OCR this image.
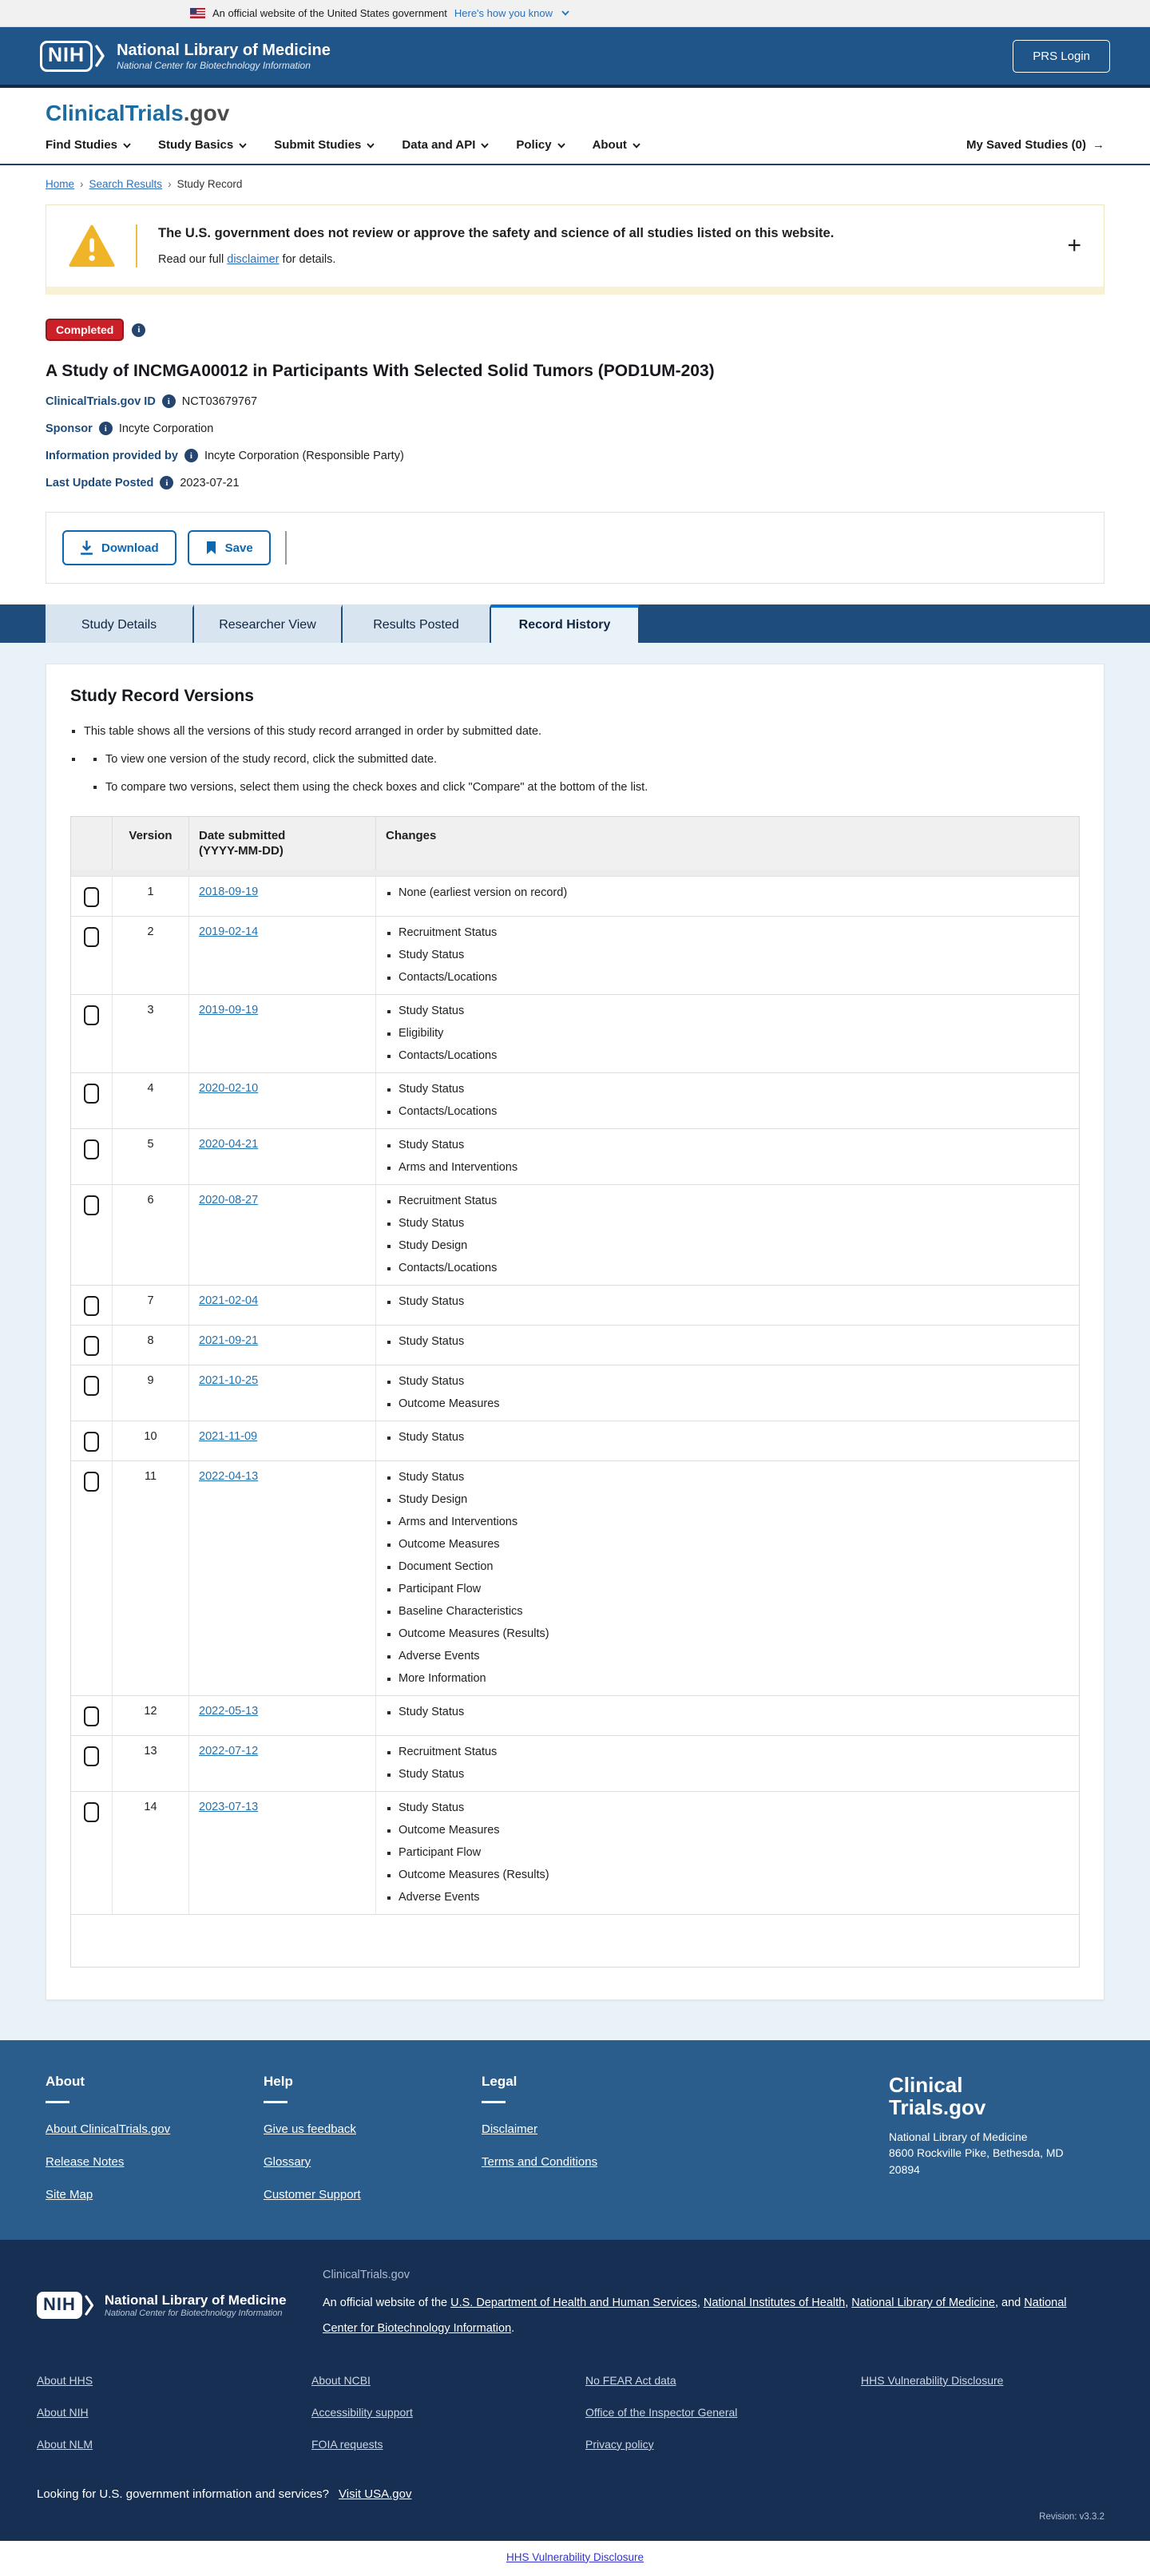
An official website of the United States government Here's how you know
NIH	National Library of Medicine
National Center for Biotechnology Information
PRS Login
ClinicalTrials.gov
My Saved Studies (0) →
Find Studies	Study Basics	Submit Studies	Data and API	Policy	About
Home › Search Results › Study Record
The U.S. government does not review or approve the safety and science of all studies listed on this website.
Read our full disclaimer for details.
+
Completed	i
A Study of INCMGA00012 in Participants With Selected Solid Tumors (POD1UM-203)
ClinicalTrials.gov ID	i	NCT03679767
Sponsor	i	Incyte Corporation
Information provided by	i	Incyte Corporation (Responsible Party)
Last Update Posted	i	2023-07-21
Download	Save
Study Details	Researcher View	Results Posted	Record History
Study Record Versions
This table shows all the versions of this study record arranged in order by submitted date.
To view one version of the study record, click the submitted date.
To compare two versions, select them using the check boxes and click "Compare" at the bottom of the list.
Version	Date submitted
(YYYY-MM-DD)
Changes
1	2018-09-19	None (earliest version on record)
2	2019-02-14	Recruitment Status
Study Status
Contacts/Locations
3	2019-09-19	Study Status
Eligibility
Contacts/Locations
4	2020-02-10	Study Status
Contacts/Locations
5	2020-04-21	Study Status
Arms and Interventions
6	2020-08-27	Recruitment Status
Study Status
Study Design
Contacts/Locations
7	2021-02-04	Study Status
8	2021-09-21	Study Status
9	2021-10-25	Study Status
Outcome Measures
10	2021-11-09	Study Status
11	2022-04-13	Study Status
Study Design
Arms and Interventions
Outcome Measures
Document Section
Participant Flow
Baseline Characteristics
Outcome Measures (Results)
Adverse Events
More Information
12	2022-05-13	Study Status
13	2022-07-12	Recruitment Status
Study Status
14	2023-07-13	Study Status
Outcome Measures
Participant Flow
Outcome Measures (Results)
Adverse Events
About
About ClinicalTrials.gov
Release Notes
Site Map
Help
Give us feedback
Glossary
Customer Support
Legal
Disclaimer
Terms and Conditions
Clinical
Trials.gov
National Library of Medicine
8600 Rockville Pike, Bethesda, MD
20894
NIH	National Library of Medicine
National Center for Biotechnology Information
ClinicalTrials.gov
An official website of the U.S. Department of Health and Human Services, National Institutes of Health, National Library of Medicine, and National Center for Biotechnology Information.
About HHS
About NIH
About NLM
About NCBI
Accessibility support
FOIA requests
No FEAR Act data
Office of the Inspector General
Privacy policy
HHS Vulnerability Disclosure
Looking for U.S. government information and services? Visit USA.gov
Revision: v3.3.2
HHS Vulnerability Disclosure
